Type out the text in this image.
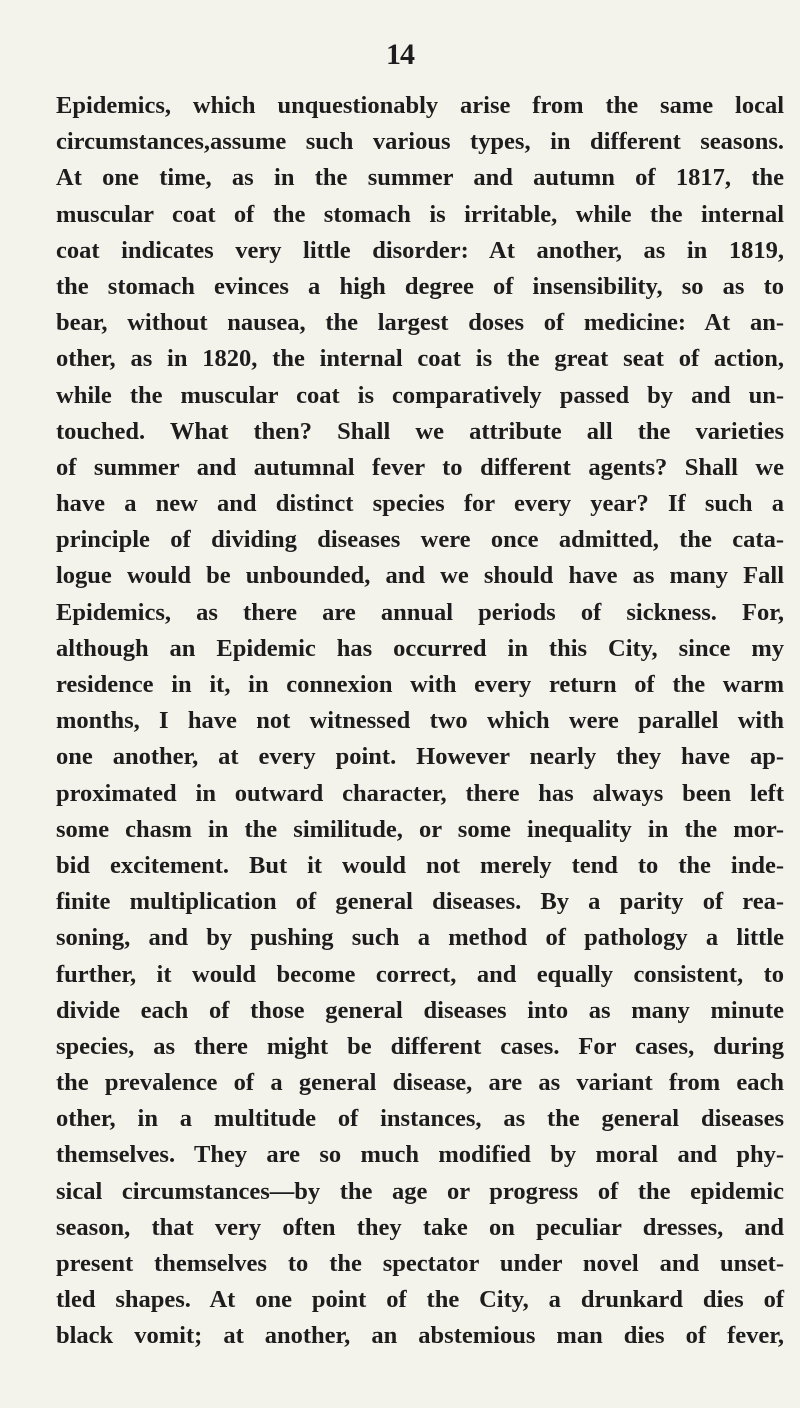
14
Epidemics, which unquestionably arise from the same local
circumstances,assume such various types, in different seasons.
At one time, as in the summer and autumn of 1817, the
muscular coat of the stomach is irritable, while the internal
coat indicates very little disorder: At another, as in 1819,
the stomach evinces a high degree of insensibility, so as to
bear, without nausea, the largest doses of medicine: At an-
other, as in 1820, the internal coat is the great seat of action,
while the muscular coat is comparatively passed by and un-
touched. What then? Shall we attribute all the varieties
of summer and autumnal fever to different agents? Shall we
have a new and distinct species for every year? If such a
principle of dividing diseases were once admitted, the cata-
logue would be unbounded, and we should have as many Fall
Epidemics, as there are annual periods of sickness. For,
although an Epidemic has occurred in this City, since my
residence in it, in connexion with every return of the warm
months, I have not witnessed two which were parallel with
one another, at every point. However nearly they have ap-
proximated in outward character, there has always been left
some chasm in the similitude, or some inequality in the mor-
bid excitement. But it would not merely tend to the inde-
finite multiplication of general diseases. By a parity of rea-
soning, and by pushing such a method of pathology a little
further, it would become correct, and equally consistent, to
divide each of those general diseases into as many minute
species, as there might be different cases. For cases, during
the prevalence of a general disease, are as variant from each
other, in a multitude of instances, as the general diseases
themselves. They are so much modified by moral and phy-
sical circumstances—by the age or progress of the epidemic
season, that very often they take on peculiar dresses, and
present themselves to the spectator under novel and unset-
tled shapes. At one point of the City, a drunkard dies of
black vomit; at another, an abstemious man dies of fever,
